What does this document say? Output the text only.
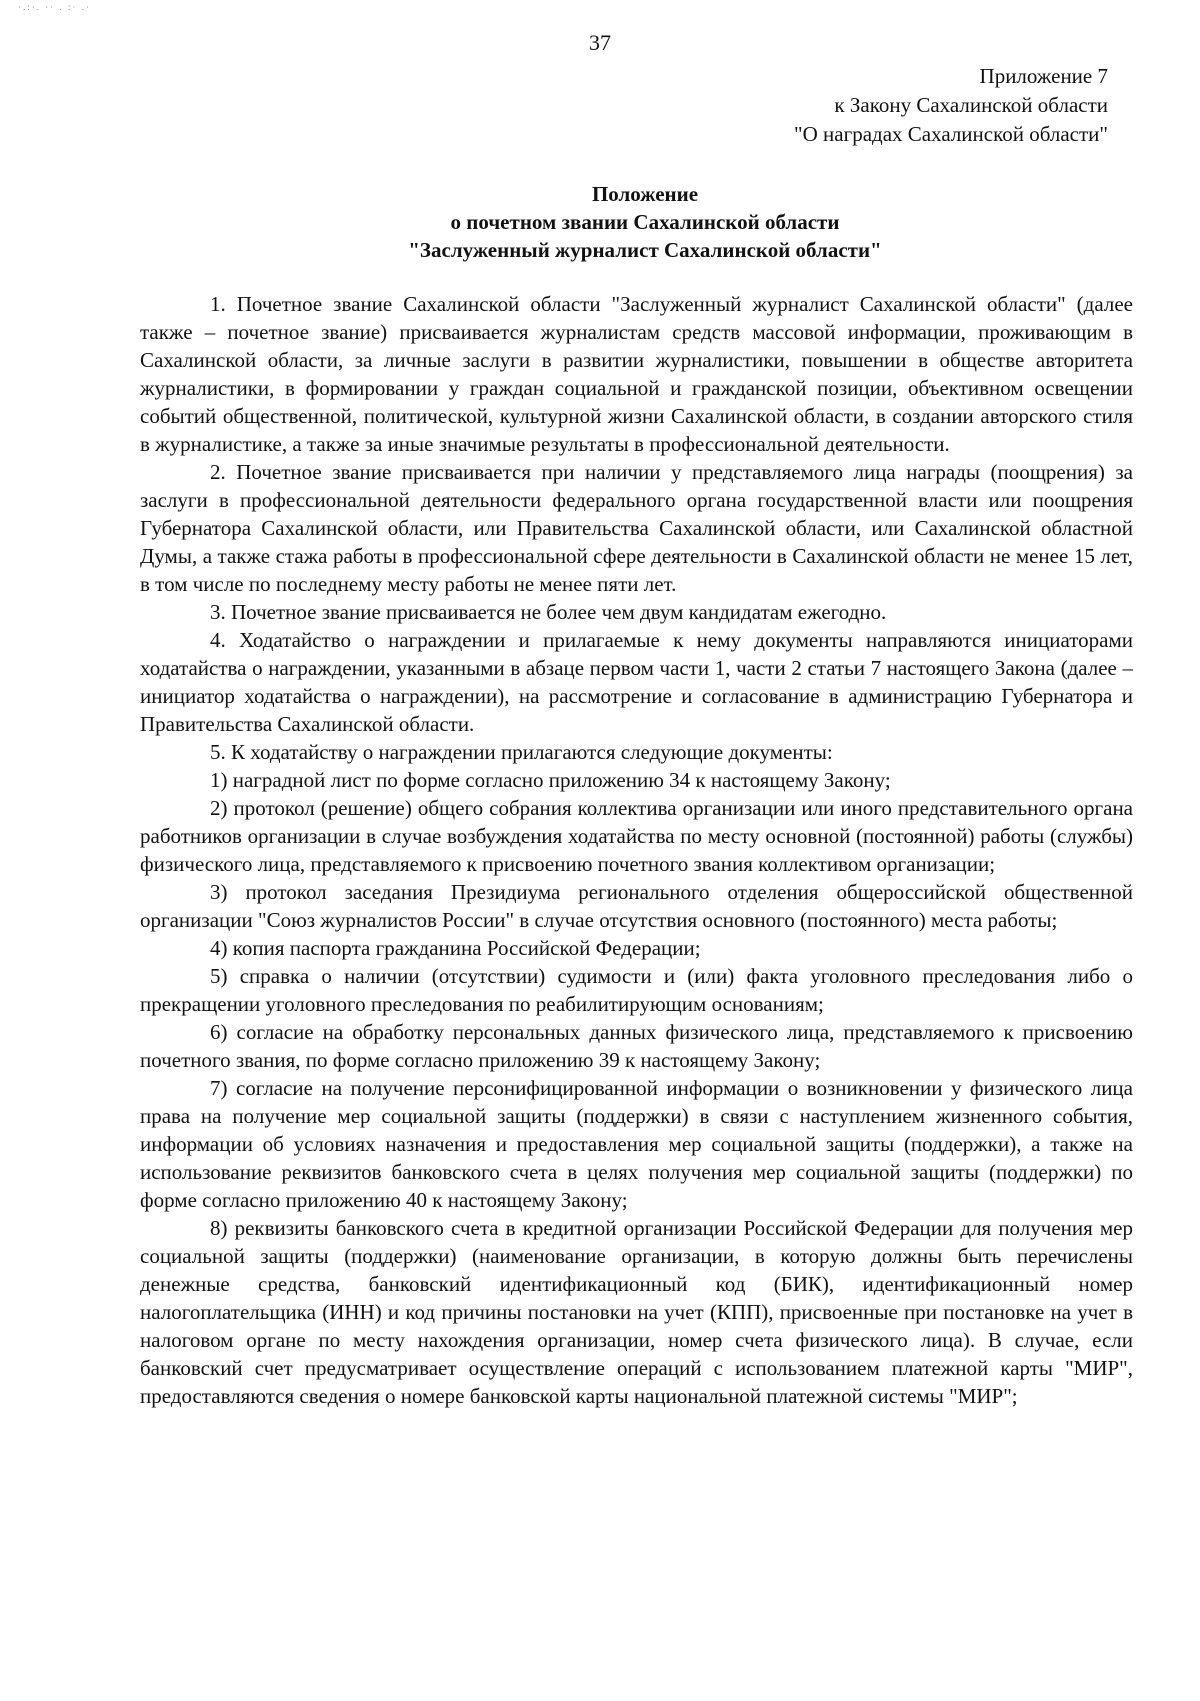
·.:·. ·· . :· .·
37
Приложение 7
к Закону Сахалинской области
"О наградах Сахалинской области"
Положение
о почетном звании Сахалинской области
"Заслуженный журналист Сахалинской области"

1. Почетное звание Сахалинской области "Заслуженный журналист Сахалинской области" (далее также – почетное звание) присваивается журналистам средств массовой информации, проживающим в Сахалинской области, за личные заслуги в развитии журналистики, повышении в обществе авторитета журналистики, в формировании у граждан социальной и гражданской позиции, объективном освещении событий общественной, политической, культурной жизни Сахалинской области, в создании авторского стиля в журналистике, а также за иные значимые результаты в профессиональной деятельности.

2. Почетное звание присваивается при наличии у представляемого лица награды (поощрения) за заслуги в профессиональной деятельности федерального органа государственной власти или поощрения Губернатора Сахалинской области, или Правительства Сахалинской области, или Сахалинской областной Думы, а также стажа работы в профессиональной сфере деятельности в Сахалинской области не менее 15 лет, в том числе по последнему месту работы не менее пяти лет.

3. Почетное звание присваивается не более чем двум кандидатам ежегодно.

4. Ходатайство о награждении и прилагаемые к нему документы направляются инициаторами ходатайства о награждении, указанными в абзаце первом части 1, части 2 статьи 7 настоящего Закона (далее – инициатор ходатайства о награждении), на рассмотрение и согласование в администрацию Губернатора и Правительства Сахалинской области.

5. К ходатайству о награждении прилагаются следующие документы:

1) наградной лист по форме согласно приложению 34 к настоящему Закону;

2) протокол (решение) общего собрания коллектива организации или иного представительного органа работников организации в случае возбуждения ходатайства по месту основной (постоянной) работы (службы) физического лица, представляемого к присвоению почетного звания коллективом организации;

3) протокол заседания Президиума регионального отделения общероссийской общественной организации "Союз журналистов России" в случае отсутствия основного (постоянного) места работы;

4) копия паспорта гражданина Российской Федерации;

5) справка о наличии (отсутствии) судимости и (или) факта уголовного преследования либо о прекращении уголовного преследования по реабилитирующим основаниям;

6) согласие на обработку персональных данных физического лица, представляемого к присвоению почетного звания, по форме согласно приложению 39 к настоящему Закону;

7) согласие на получение персонифицированной информации о возникновении у физического лица права на получение мер социальной защиты (поддержки) в связи с наступлением жизненного события, информации об условиях назначения и предоставления мер социальной защиты (поддержки), а также на использование реквизитов банковского счета в целях получения мер социальной защиты (поддержки) по форме согласно приложению 40 к настоящему Закону;

8) реквизиты банковского счета в кредитной организации Российской Федерации для получения мер социальной защиты (поддержки) (наименование организации, в которую должны быть перечислены денежные средства, банковский идентификационный код (БИК), идентификационный номер налогоплательщика (ИНН) и код причины постановки на учет (КПП), присвоенные при постановке на учет в налоговом органе по месту нахождения организации, номер счета физического лица). В случае, если банковский счет предусматривает осуществление операций с использованием платежной карты "МИР", предоставляются сведения о номере банковской карты национальной платежной системы "МИР";
